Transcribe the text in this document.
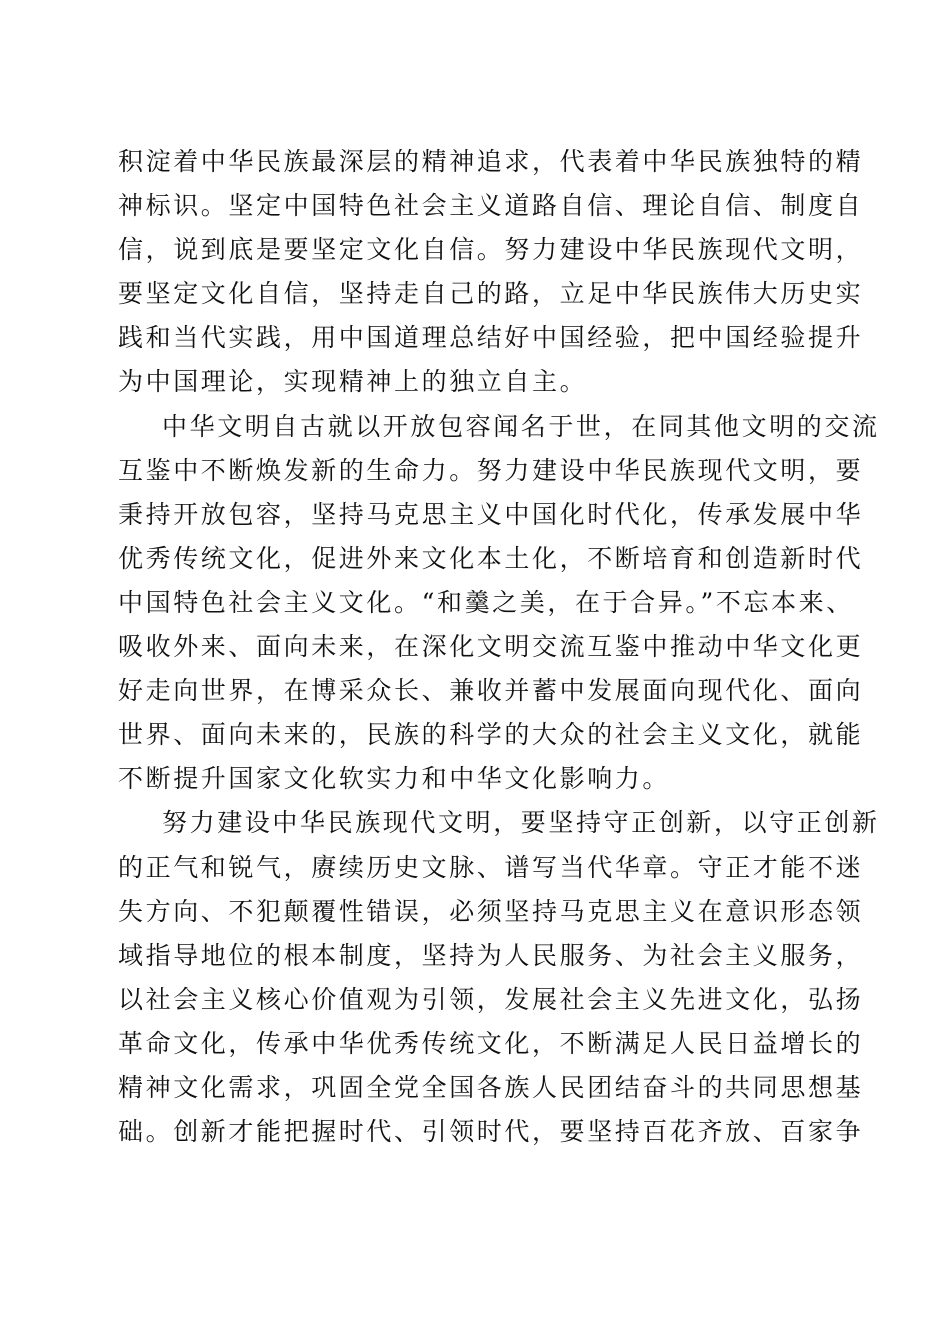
积淀着中华民族最深层的精神追求，代表着中华民族独特的精
神标识。坚定中国特色社会主义道路自信、理论自信、制度自
信，说到底是要坚定文化自信。努力建设中华民族现代文明，
要坚定文化自信，坚持走自己的路，立足中华民族伟大历史实
践和当代实践，用中国道理总结好中国经验，把中国经验提升
为中国理论，实现精神上的独立自主。
中华文明自古就以开放包容闻名于世，在同其他文明的交流
互鉴中不断焕发新的生命力。努力建设中华民族现代文明，要
秉持开放包容，坚持马克思主义中国化时代化，传承发展中华
优秀传统文化，促进外来文化本土化，不断培育和创造新时代
中国特色社会主义文化。“和羹之美，在于合异。”不忘本来、
吸收外来、面向未来，在深化文明交流互鉴中推动中华文化更
好走向世界，在博采众长、兼收并蓄中发展面向现代化、面向
世界、面向未来的，民族的科学的大众的社会主义文化，就能
不断提升国家文化软实力和中华文化影响力。
努力建设中华民族现代文明，要坚持守正创新，以守正创新
的正气和锐气，赓续历史文脉、谱写当代华章。守正才能不迷
失方向、不犯颠覆性错误，必须坚持马克思主义在意识形态领
域指导地位的根本制度，坚持为人民服务、为社会主义服务，
以社会主义核心价值观为引领，发展社会主义先进文化，弘扬
革命文化，传承中华优秀传统文化，不断满足人民日益增长的
精神文化需求，巩固全党全国各族人民团结奋斗的共同思想基
础。创新才能把握时代、引领时代，要坚持百花齐放、百家争
